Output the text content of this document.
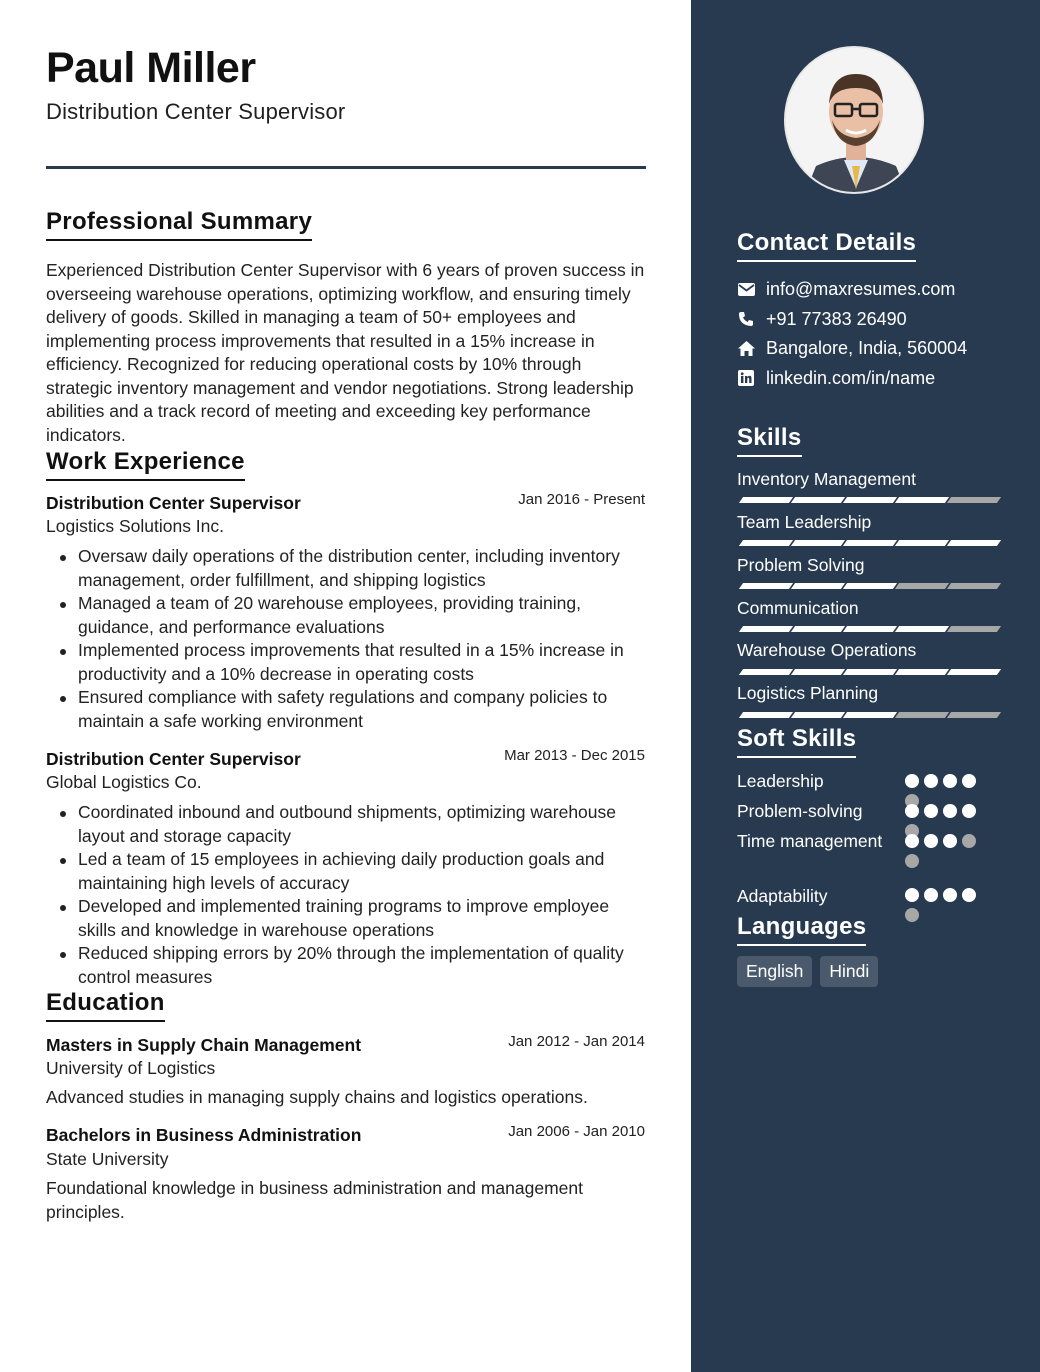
Paul Miller
Distribution Center Supervisor
Professional Summary
Experienced Distribution Center Supervisor with 6 years of proven success in overseeing warehouse operations, optimizing workflow, and ensuring timely delivery of goods. Skilled in managing a team of 50+ employees and implementing process improvements that resulted in a 15% increase in efficiency. Recognized for reducing operational costs by 10% through strategic inventory management and vendor negotiations. Strong leadership abilities and a track record of meeting and exceeding key performance indicators.
Work Experience
Distribution Center Supervisor	Jan 2016 - Present
Logistics Solutions Inc.
Oversaw daily operations of the distribution center, including inventory management, order fulfillment, and shipping logistics
Managed a team of 20 warehouse employees, providing training, guidance, and performance evaluations
Implemented process improvements that resulted in a 15% increase in productivity and a 10% decrease in operating costs
Ensured compliance with safety regulations and company policies to maintain a safe working environment
Distribution Center Supervisor	Mar 2013 - Dec 2015
Global Logistics Co.
Coordinated inbound and outbound shipments, optimizing warehouse layout and storage capacity
Led a team of 15 employees in achieving daily production goals and maintaining high levels of accuracy
Developed and implemented training programs to improve employee skills and knowledge in warehouse operations
Reduced shipping errors by 20% through the implementation of quality control measures
Education
Masters in Supply Chain Management	Jan 2012 - Jan 2014
University of Logistics
Advanced studies in managing supply chains and logistics operations.
Bachelors in Business Administration	Jan 2006 - Jan 2010
State University
Foundational knowledge in business administration and management principles.
Contact Details
info@maxresumes.com
+91 77383 26490
Bangalore, India, 560004
linkedin.com/in/name
Skills
Inventory Management
Team Leadership
Problem Solving
Communication
Warehouse Operations
Logistics Planning
Soft Skills
Leadership
Problem-solving
Time management
Adaptability
Languages
English	Hindi
